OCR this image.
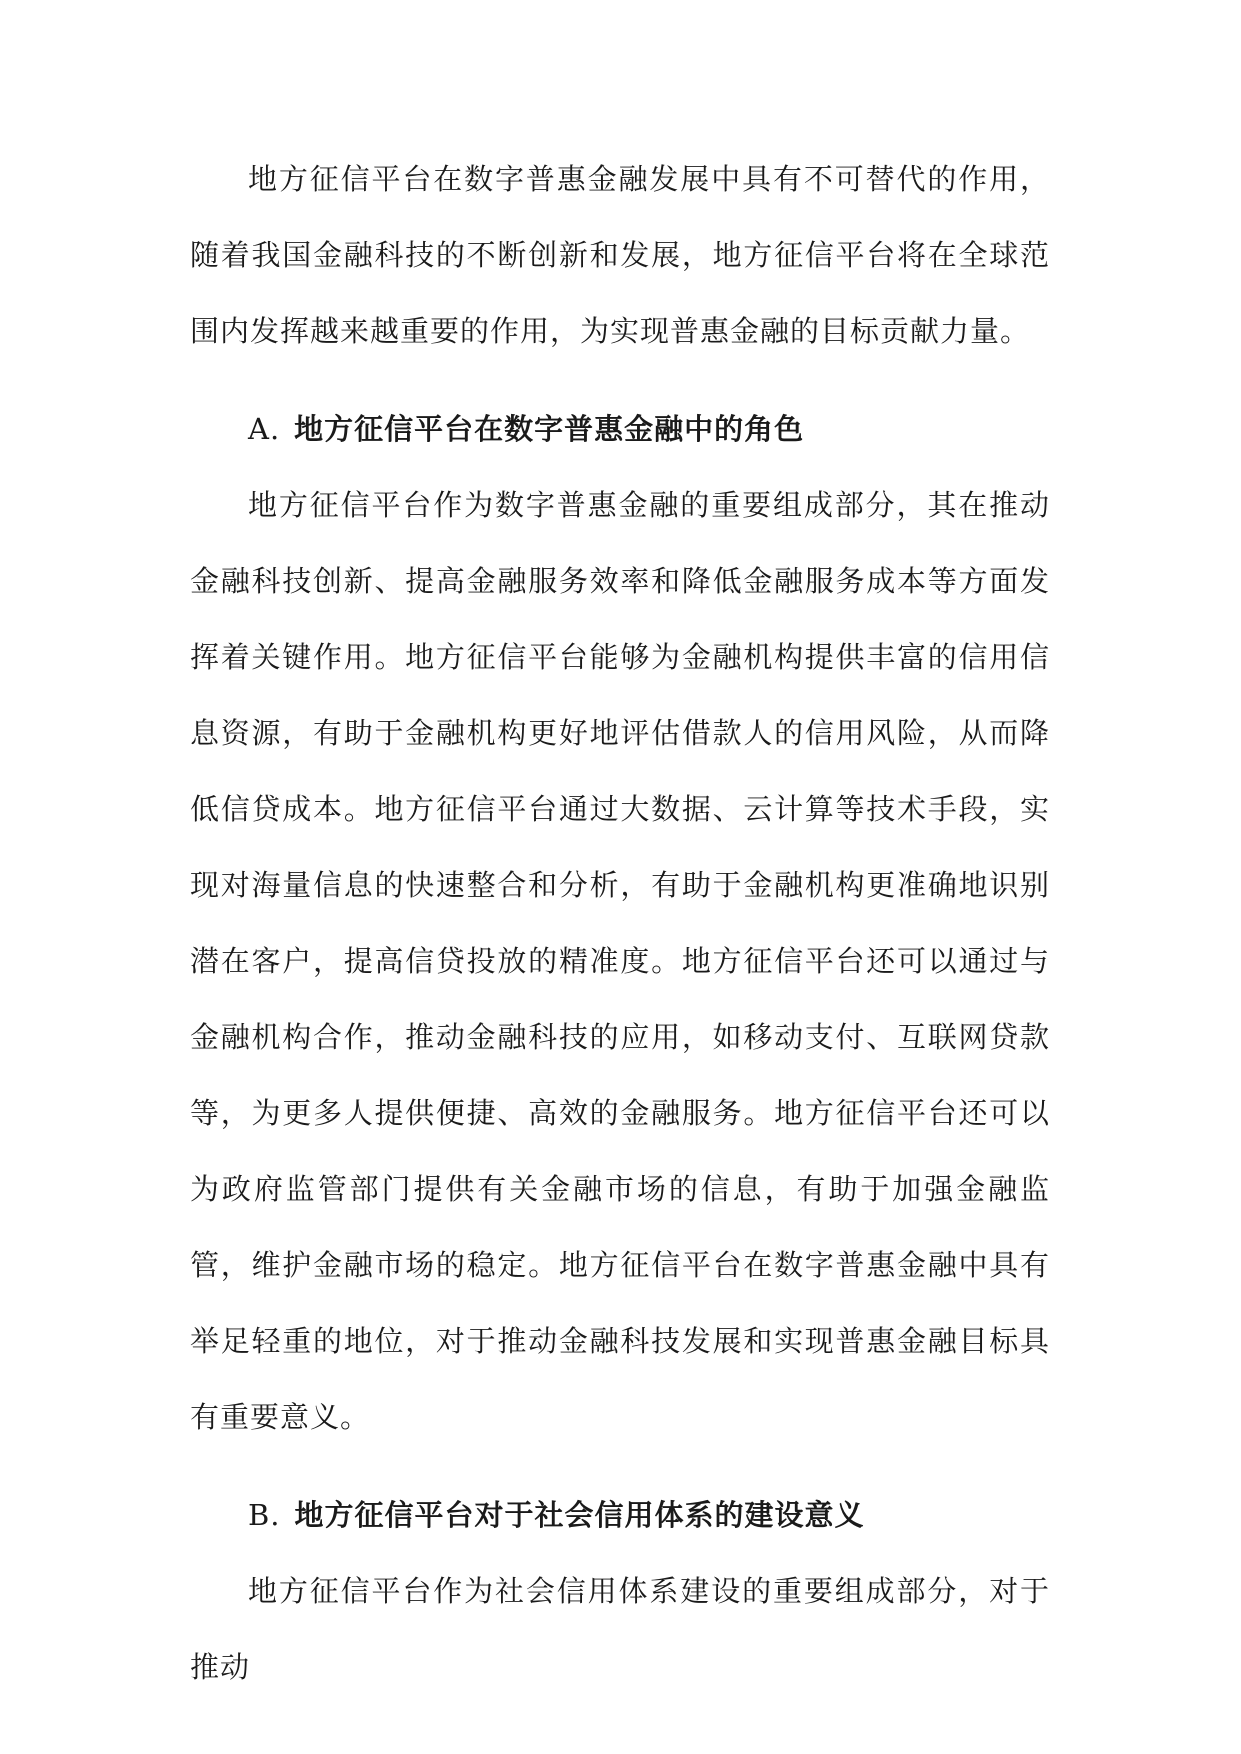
地方征信平台在数字普惠金融发展中具有不可替代的作用，随着我国金融科技的不断创新和发展，地方征信平台将在全球范围内发挥越来越重要的作用，为实现普惠金融的目标贡献力量。

A. 地方征信平台在数字普惠金融中的角色

地方征信平台作为数字普惠金融的重要组成部分，其在推动金融科技创新、提高金融服务效率和降低金融服务成本等方面发挥着关键作用。地方征信平台能够为金融机构提供丰富的信用信息资源，有助于金融机构更好地评估借款人的信用风险，从而降低信贷成本。地方征信平台通过大数据、云计算等技术手段，实现对海量信息的快速整合和分析，有助于金融机构更准确地识别潜在客户，提高信贷投放的精准度。地方征信平台还可以通过与金融机构合作，推动金融科技的应用，如移动支付、互联网贷款等，为更多人提供便捷、高效的金融服务。地方征信平台还可以为政府监管部门提供有关金融市场的信息，有助于加强金融监管，维护金融市场的稳定。地方征信平台在数字普惠金融中具有举足轻重的地位，对于推动金融科技发展和实现普惠金融目标具有重要意义。

B. 地方征信平台对于社会信用体系的建设意义

地方征信平台作为社会信用体系建设的重要组成部分，对于推动
